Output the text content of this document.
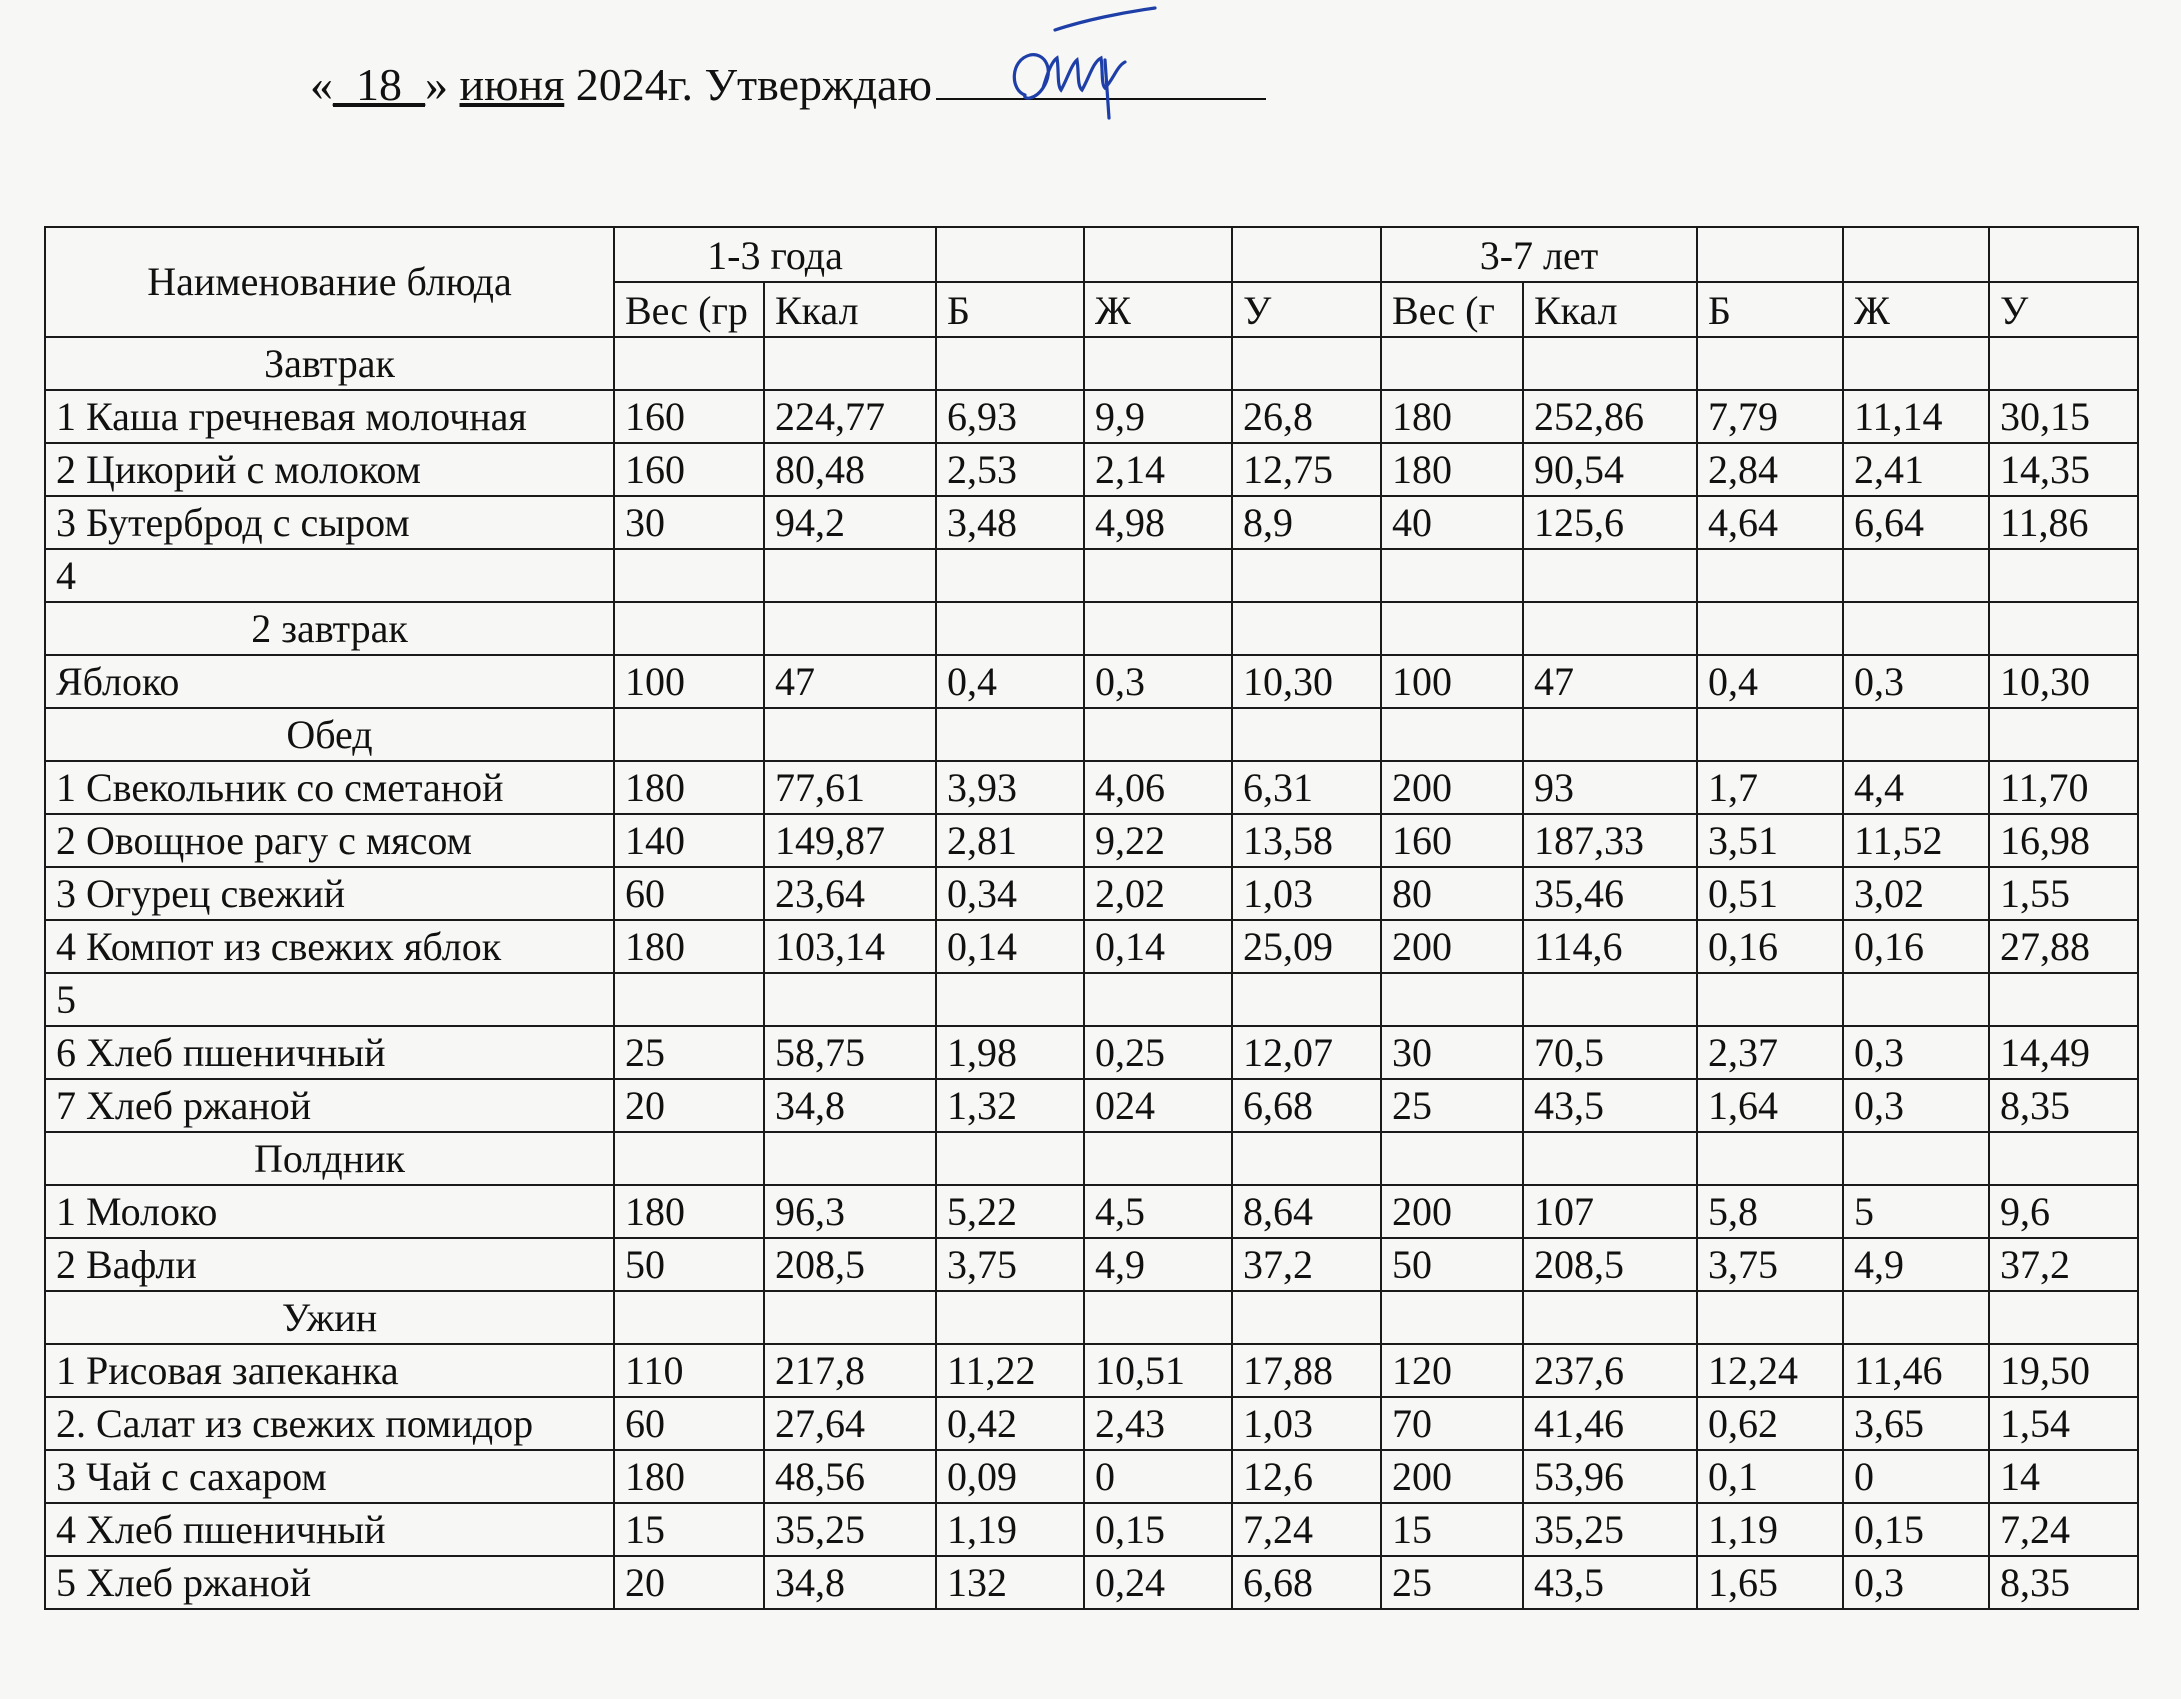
«_18_» июня 2024г. Утверждаю
Наименование блюда	1-3 года					3-7 лет				
	Вес (гр	Ккал	Б	Ж	У	Вес (г	Ккал	Б	Ж	У
Завтрак										
1 Каша гречневая молочная	160	224,77	6,93	9,9	26,8	180	252,86	7,79	11,14	30,15
2 Цикорий с молоком	160	80,48	2,53	2,14	12,75	180	90,54	2,84	2,41	14,35
3 Бутерброд с сыром	30	94,2	3,48	4,98	8,9	40	125,6	4,64	6,64	11,86
4										
2 завтрак										
Яблоко	100	47	0,4	0,3	10,30	100	47	0,4	0,3	10,30
Обед										
1 Свекольник со сметаной	180	77,61	3,93	4,06	6,31	200	93	1,7	4,4	11,70
2 Овощное рагу с мясом	140	149,87	2,81	9,22	13,58	160	187,33	3,51	11,52	16,98
3 Огурец свежий	60	23,64	0,34	2,02	1,03	80	35,46	0,51	3,02	1,55
4 Компот из свежих яблок	180	103,14	0,14	0,14	25,09	200	114,6	0,16	0,16	27,88
5										
6 Хлеб пшеничный	25	58,75	1,98	0,25	12,07	30	70,5	2,37	0,3	14,49
7 Хлеб ржаной	20	34,8	1,32	024	6,68	25	43,5	1,64	0,3	8,35
Полдник										
1 Молоко	180	96,3	5,22	4,5	8,64	200	107	5,8	5	9,6
2 Вафли	50	208,5	3,75	4,9	37,2	50	208,5	3,75	4,9	37,2
Ужин										
1 Рисовая запеканка	110	217,8	11,22	10,51	17,88	120	237,6	12,24	11,46	19,50
2. Салат из свежих помидор	60	27,64	0,42	2,43	1,03	70	41,46	0,62	3,65	1,54
3 Чай с сахаром	180	48,56	0,09	0	12,6	200	53,96	0,1	0	14
4 Хлеб пшеничный	15	35,25	1,19	0,15	7,24	15	35,25	1,19	0,15	7,24
5 Хлеб ржаной	20	34,8	132	0,24	6,68	25	43,5	1,65	0,3	8,35
